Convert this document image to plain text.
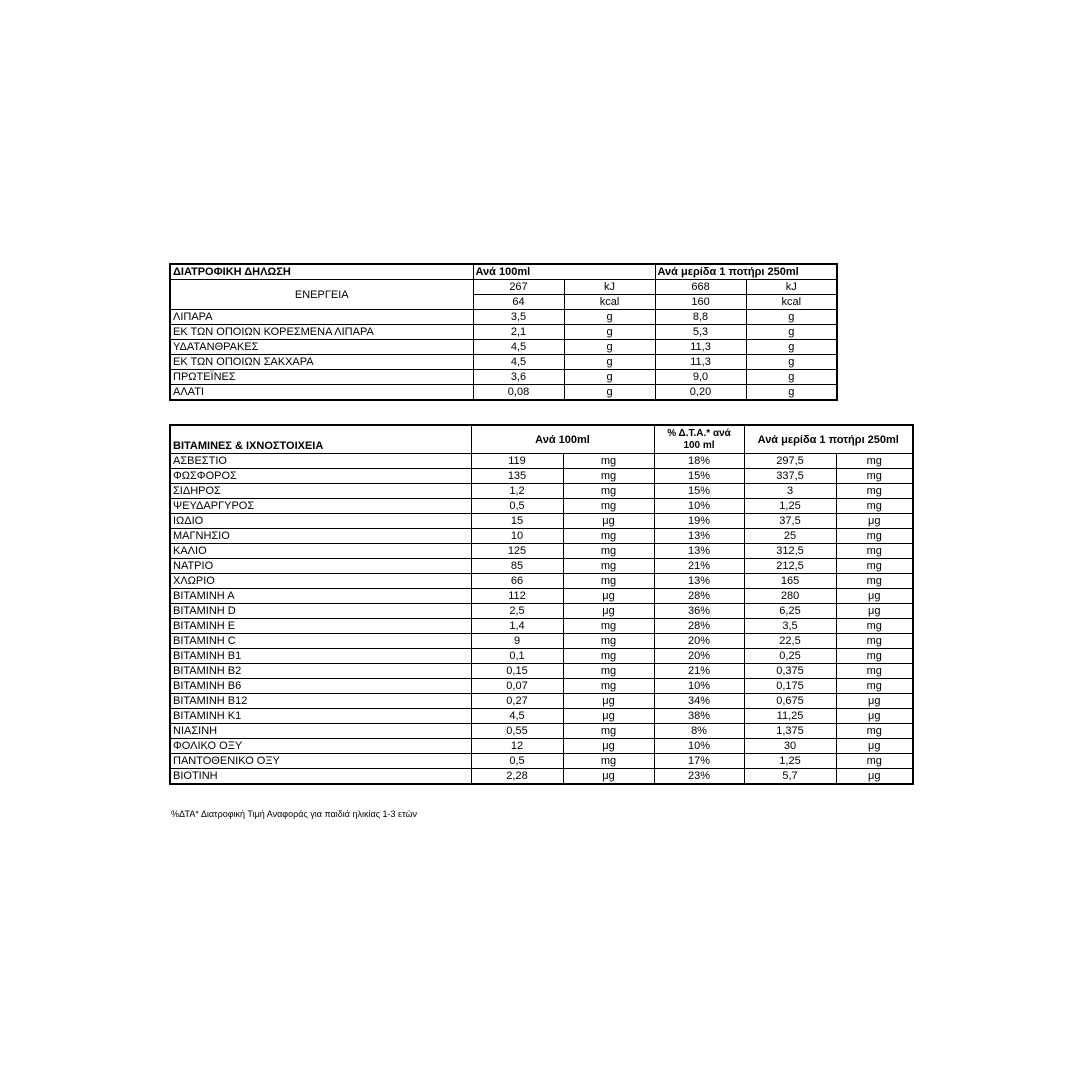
ΔΙΑΤΡΟΦΙΚΗ ΔΗΛΩΣΗ	Ανά 100ml		Ανά μερίδα 1 ποτήρι 250ml	
ΕΝΕΡΓΕΙΑ	267	kJ	668	kJ
	64	kcal	160	kcal
ΛΙΠΑΡΑ	3,5	g	8,8	g
ΕΚ ΤΩΝ ΟΠΟΙΩΝ ΚΟΡΕΣΜΕΝΑ ΛΙΠΑΡΑ	2,1	g	5,3	g
ΥΔΑΤΑΝΘΡΑΚΕΣ	4,5	g	11,3	g
ΕΚ ΤΩΝ ΟΠΟΙΩΝ ΣΑΚΧΑΡΑ	4,5	g	11,3	g
ΠΡΩΤΕΪΝΕΣ	3,6	g	9,0	g
ΑΛΑΤΙ	0,08	g	0,20	g
ΒΙΤΑΜΙΝΕΣ & ΙΧΝΟΣΤΟΙΧΕΙΑ	Ανά 100ml		% Δ.Τ.Α.* ανά
100 ml	Ανά μερίδα 1 ποτήρι 250ml	
ΑΣΒΕΣΤΙΟ	119	mg	18%	297,5	mg
ΦΩΣΦΟΡΟΣ	135	mg	15%	337,5	mg
ΣΙΔΗΡΟΣ	1,2	mg	15%	3	mg
ΨΕΥΔΑΡΓΥΡΟΣ	0,5	mg	10%	1,25	mg
ΙΩΔΙΟ	15	μg	19%	37,5	μg
ΜΑΓΝΗΣΙΟ	10	mg	13%	25	mg
ΚΑΛΙΟ	125	mg	13%	312,5	mg
ΝΑΤΡΙΟ	85	mg	21%	212,5	mg
ΧΛΩΡΙΟ	66	mg	13%	165	mg
ΒΙΤΑΜΙΝΗ Α	112	μg	28%	280	μg
ΒΙΤΑΜΙΝΗ D	2,5	μg	36%	6,25	μg
ΒΙΤΑΜΙΝΗ Ε	1,4	mg	28%	3,5	mg
ΒΙΤΑΜΙΝΗ C	9	mg	20%	22,5	mg
ΒΙΤΑΜΙΝΗ Β1	0,1	mg	20%	0,25	mg
ΒΙΤΑΜΙΝΗ Β2	0,15	mg	21%	0,375	mg
ΒΙΤΑΜΙΝΗ Β6	0,07	mg	10%	0,175	mg
ΒΙΤΑΜΙΝΗ Β12	0,27	μg	34%	0,675	μg
ΒΙΤΑΜΙΝΗ Κ1	4,5	μg	38%	11,25	μg
ΝΙΑΣΙΝΗ	0,55	mg	8%	1,375	mg
ΦΟΛΙΚΟ ΟΞΥ	12	μg	10%	30	μg
ΠΑΝΤΟΘΕΝΙΚΟ ΟΞΥ	0,5	mg	17%	1,25	mg
ΒΙΟΤΙΝΗ	2,28	μg	23%	5,7	μg
%ΔΤΑ* Διατροφική Τιμή Αναφοράς για παιδιά ηλικίας 1-3 ετών
